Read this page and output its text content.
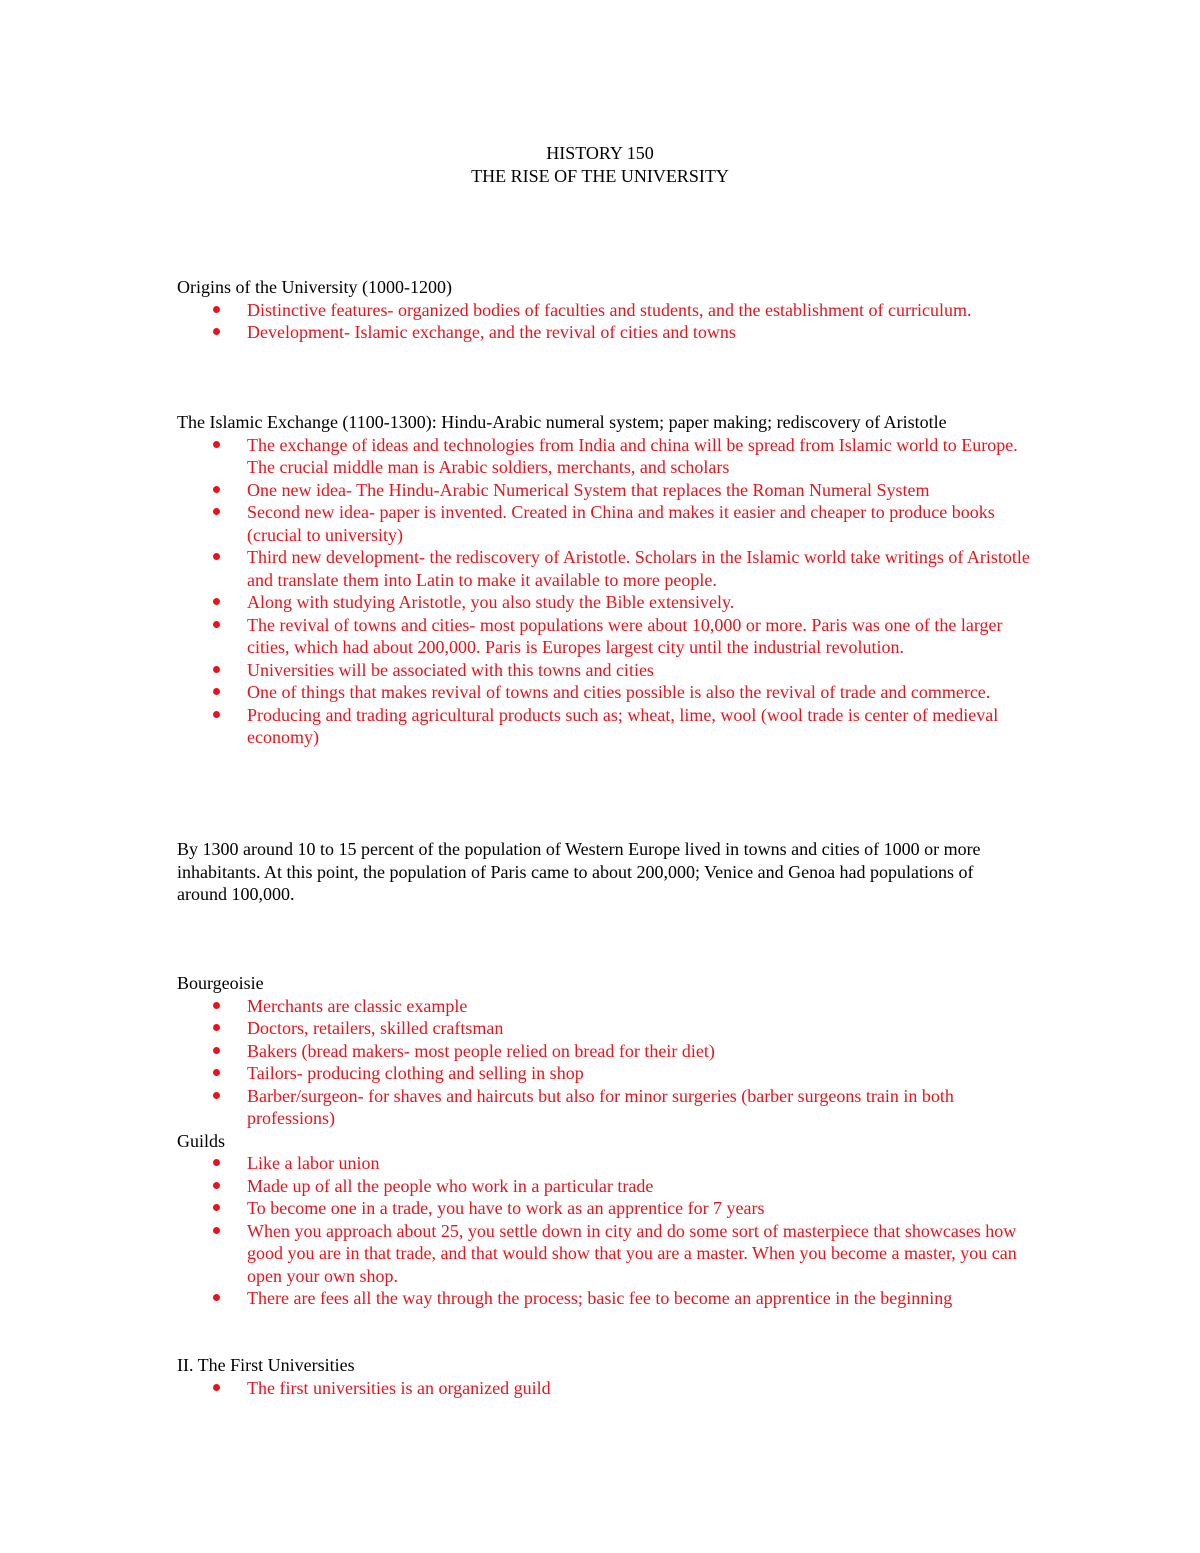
HISTORY 150
THE RISE OF THE UNIVERSITY
Origins of the University (1000-1200)
Distinctive features- organized bodies of faculties and students, and the establishment of curriculum.
Development- Islamic exchange, and the revival of cities and towns
The Islamic Exchange (1100-1300): Hindu-Arabic numeral system; paper making; rediscovery of Aristotle
The exchange of ideas and technologies from India and china will be spread from Islamic world to Europe. The crucial middle man is Arabic soldiers, merchants, and scholars
One new idea- The Hindu-Arabic Numerical System that replaces the Roman Numeral System
Second new idea- paper is invented. Created in China and makes it easier and cheaper to produce books (crucial to university)
Third new development- the rediscovery of Aristotle. Scholars in the Islamic world take writings of Aristotle and translate them into Latin to make it available to more people.
Along with studying Aristotle, you also study the Bible extensively.
The revival of towns and cities- most populations were about 10,000 or more. Paris was one of the larger cities, which had about 200,000. Paris is Europes largest city until the industrial revolution.
Universities will be associated with this towns and cities
One of things that makes revival of towns and cities possible is also the revival of trade and commerce.
Producing and trading agricultural products such as; wheat, lime, wool (wool trade is center of medieval economy)
By 1300 around 10 to 15 percent of the population of Western Europe lived in towns and cities of 1000 or more inhabitants. At this point, the population of Paris came to about 200,000; Venice and Genoa had populations of around 100,000.
Bourgeoisie
Merchants are classic example
Doctors, retailers, skilled craftsman
Bakers (bread makers- most people relied on bread for their diet)
Tailors- producing clothing and selling in shop
Barber/surgeon- for shaves and haircuts but also for minor surgeries (barber surgeons train in both professions)
Guilds
Like a labor union
Made up of all the people who work in a particular trade
To become one in a trade, you have to work as an apprentice for 7 years
When you approach about 25, you settle down in city and do some sort of masterpiece that showcases how good you are in that trade, and that would show that you are a master. When you become a master, you can open your own shop.
There are fees all the way through the process; basic fee to become an apprentice in the beginning
II. The First Universities
The first universities is an organized guild
